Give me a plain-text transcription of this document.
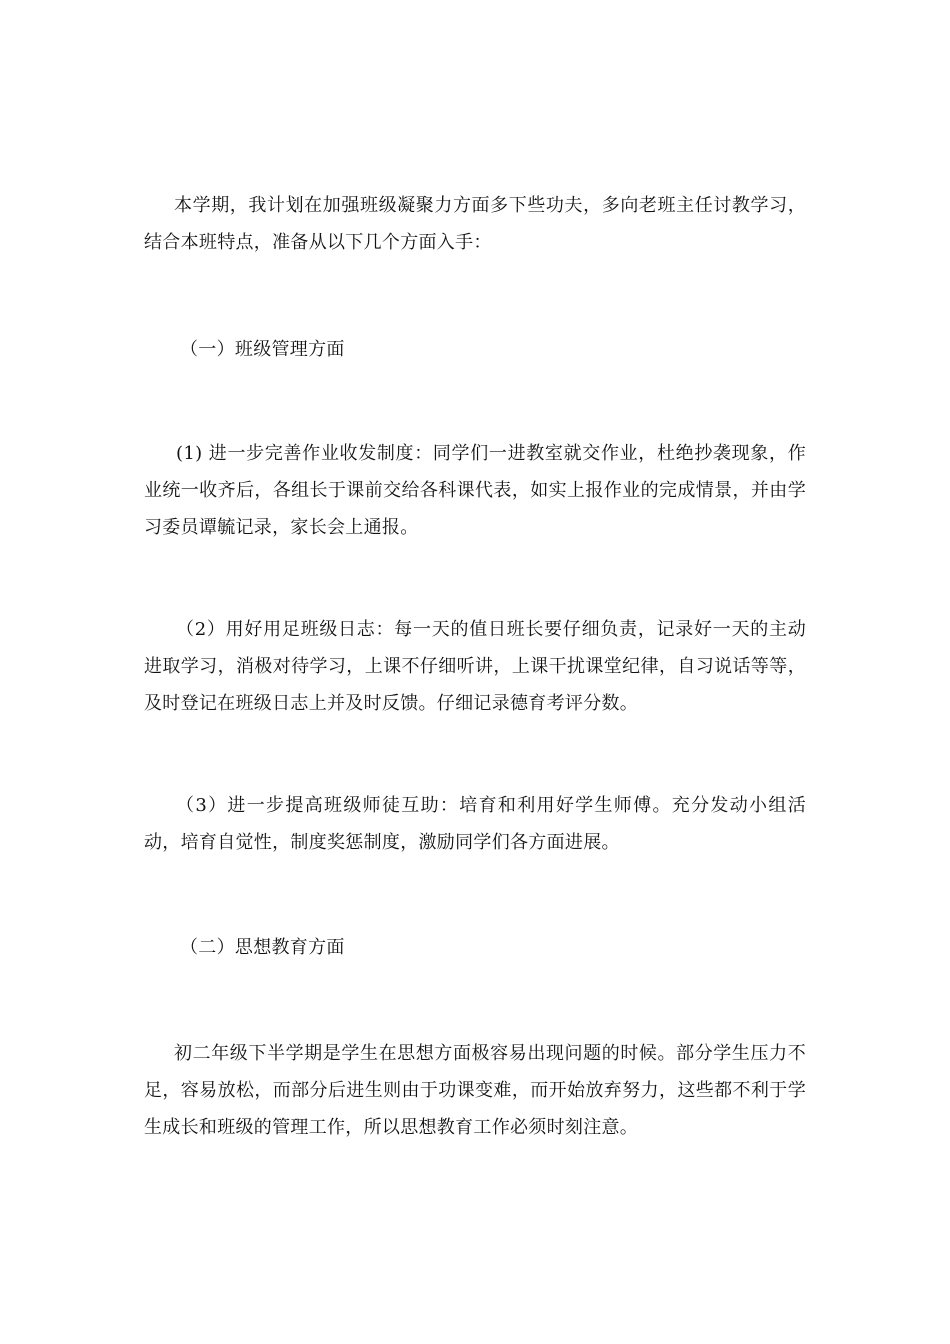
本学期，我计划在加强班级凝聚力方面多下些功夫，多向老班主任讨教学习，结合本班特点，准备从以下几个方面入手：

（一）班级管理方面

(1) 进一步完善作业收发制度：同学们一进教室就交作业，杜绝抄袭现象，作业统一收齐后，各组长于课前交给各科课代表，如实上报作业的完成情景，并由学习委员谭毓记录，家长会上通报。

（2）用好用足班级日志：每一天的值日班长要仔细负责，记录好一天的主动进取学习，消极对待学习，上课不仔细听讲，上课干扰课堂纪律，自习说话等等，及时登记在班级日志上并及时反馈。仔细记录德育考评分数。

（3）进一步提高班级师徒互助：培育和利用好学生师傅。充分发动小组活动，培育自觉性，制度奖惩制度，激励同学们各方面进展。

（二）思想教育方面

初二年级下半学期是学生在思想方面极容易出现问题的时候。部分学生压力不足，容易放松，而部分后进生则由于功课变难，而开始放弃努力，这些都不利于学生成长和班级的管理工作，所以思想教育工作必须时刻注意。
